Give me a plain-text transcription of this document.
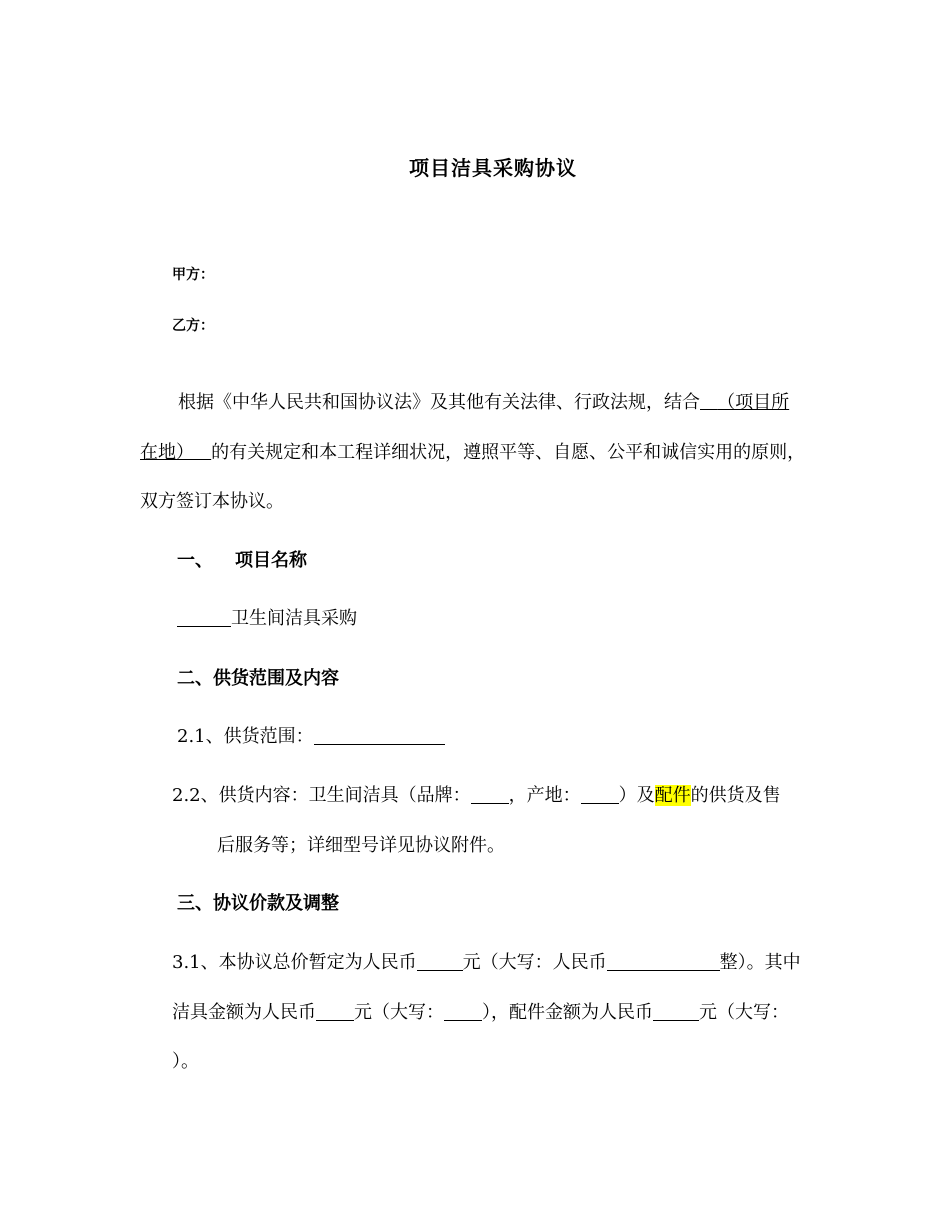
项目洁具采购协议
甲方：
乙方：
根据《中华人民共和国协议法》及其他有关法律、行政法规，结合 （项目所
在地） 的有关规定和本工程详细状况，遵照平等、自愿、公平和诚信实用的原则，
双方签订本协议。
一、 项目名称
卫生间洁具采购
二、供货范围及内容
2.1、供货范围：
2.2、供货内容：卫生间洁具（品牌： ，产地： ）及配件的供货及售
后服务等；详细型号详见协议附件。
三、协议价款及调整
3.1、本协议总价暂定为人民币	元（大写：人民币	整）。其中
洁具金额为人民币 元（大写： ），配件金额为人民币	元（大写：
）。
